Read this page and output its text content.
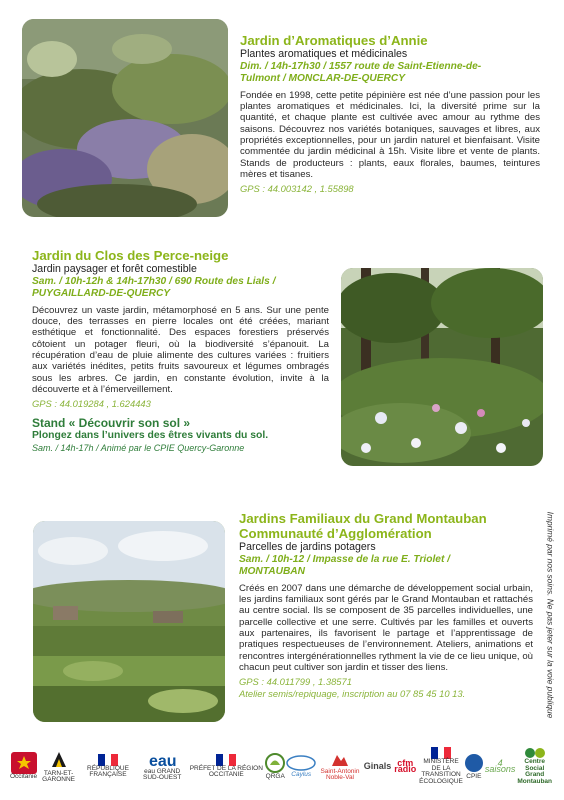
Jardin d’Aromatiques d’Annie
Plantes aromatiques et médicinales
Dim. / 14h-17h30 / 1557 route de Saint-Etienne-de-
Tulmont / MONCLAR-DE-QUERCY
Fondée en 1998, cette petite pépinière est née d’une passion pour les plantes aromatiques et médicinales. Ici, la diversité prime sur la quantité, et chaque plante est cultivée avec amour au rythme des saisons. Découvrez nos variétés botaniques, sauvages et libres, aux propriétés exceptionnelles, pour un jardin naturel et bienfaisant. Visite commentée du jardin médicinal à 15h. Visite libre et vente de plants. Stands de producteurs : plants, eaux florales, baumes, teintures mères et tisanes.
GPS : 44.003142 , 1.55898
Jardin du Clos des Perce-neige
Jardin paysager et forêt comestible
Sam. / 10h-12h & 14h-17h30 / 690 Route des Lials /
PUYGAILLARD-DE-QUERCY
Découvrez un vaste jardin, métamorphosé en 5 ans. Sur une pente douce, des terrasses en pierre locales ont été créées, mariant esthétique et fonctionnalité. Des espaces forestiers préservés côtoient un potager fleuri, où la biodiversité s’épanouit. La récupération d’eau de pluie alimente des cultures variées : fruitiers aux variétés inédites, petits fruits savoureux et légumes ombragés sous les arbres. Ce jardin, en constante évolution, invite à la découverte et à l’émerveillement.
GPS : 44.019284 , 1.624443
Stand « Découvrir son sol »
Plongez dans l’univers des êtres vivants du sol.
Sam. / 14h-17h / Animé par le CPIE Quercy-Garonne
Jardins Familiaux du Grand Montauban
Communauté d’Agglomération
Parcelles de jardins potagers
Sam. / 10h-12 / Impasse de la rue E. Triolet /
MONTAUBAN
Créés en 2007 dans une démarche de développement social urbain, les jardins familiaux sont gérés par le Grand Montauban et rattachés au centre social. Ils se composent de 35 parcelles individuelles, une parcelle collective et une serre. Cultivés par les familles et ouverts aux partenaires, ils favorisent le partage et l’apprentissage de pratiques respectueuses de l’environnement. Ateliers, animations et rencontres intergénérationnelles rythment la vie de ce lieu unique, où chacun peut cultiver son jardin et tisser des liens.
GPS : 44.011799 , 1.38571
Atelier semis/repiquage, inscription au 07 85 45 10 13.	Imprimé par nos soins. Ne pas jeter sur la voie publique
Occitanie	TARN-ET-GARONNE
RÉPUBLIQUE FRANÇAISE
eau
eau GRAND SUD-OUEST
PRÉFET DE LA RÉGION OCCITANIE	QRGA Caylus	Saint-Antonin Noble-Val
Ginals cfm radio
MINISTÈRE DE LA TRANSITION ÉCOLOGIQUE
CPIE
4 saisons
Centre Social Grand Montauban
